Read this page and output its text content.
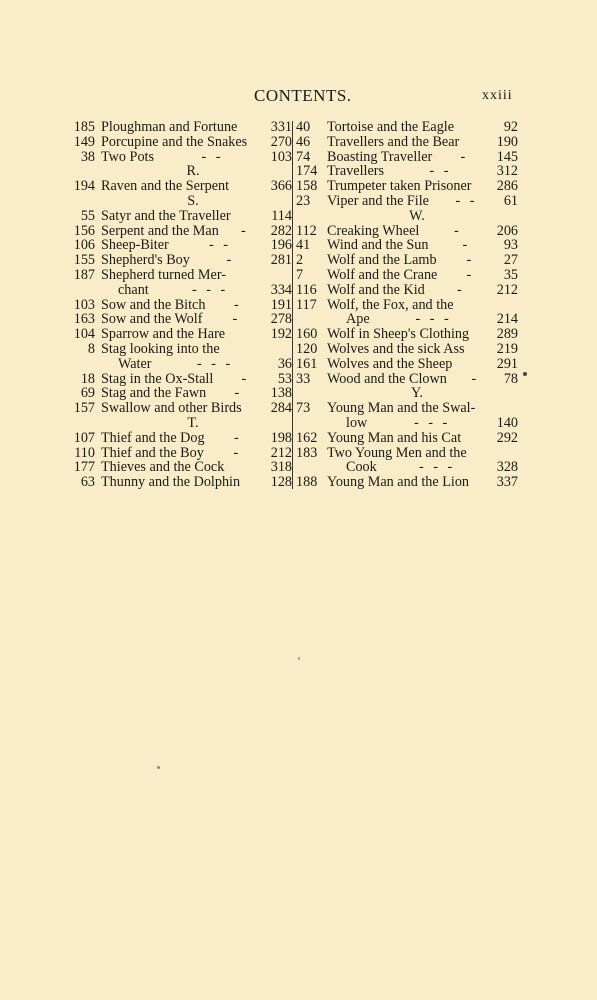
CONTENTS.	xxiii
185 Ploughman and Fortune 331
149 Porcupine and the Snakes 270
38 Two Pots	103
- -
R.
194 Raven and the Serpent	366
S.
55 Satyr and the Traveller	114
156 Serpent and the Man	282
-
106 Sheep-Biter	196
- -
155 Shepherd's Boy	281
-
187 Shepherd turned Mer-
chant	334
- - -
103 Sow and the Bitch	191
-
163 Sow and the Wolf	278
-
104 Sparrow and the Hare	192
8 Stag looking into the
Water	36
- - -
18 Stag in the Ox-Stall	53
-
69 Stag and the Fawn	138
-
157 Swallow and other Birds 284
T.
107 Thief and the Dog	198
-
110 Thief and the Boy	212
-
177 Thieves and the Cock	318
63 Thunny and the Dolphin 128
40	Tortoise and the Eagle	92
46	Travellers and the Bear	190
74	Boasting Traveller	145
-
174 Travellers	312
- -
158 Trumpeter taken Prisoner 286
23	Viper and the File	61
- -
W.
112 Creaking Wheel	206
-
41	Wind and the Sun	93
-
2	Wolf and the Lamb	27
-
7	Wolf and the Crane	35
-
116 Wolf and the Kid	212
-
117 Wolf, the Fox, and the
Ape	214
- - -
160 Wolf in Sheep's Clothing 289
120 Wolves and the sick Ass 219
161 Wolves and the Sheep	291
33	Wood and the Clown	78
-
Y.
73	Young Man and the Swal-
low	140
- - -
162 Young Man and his Cat	292
183 Two Young Men and the
Cook	328
- - -
188 Young Man and the Lion 337
